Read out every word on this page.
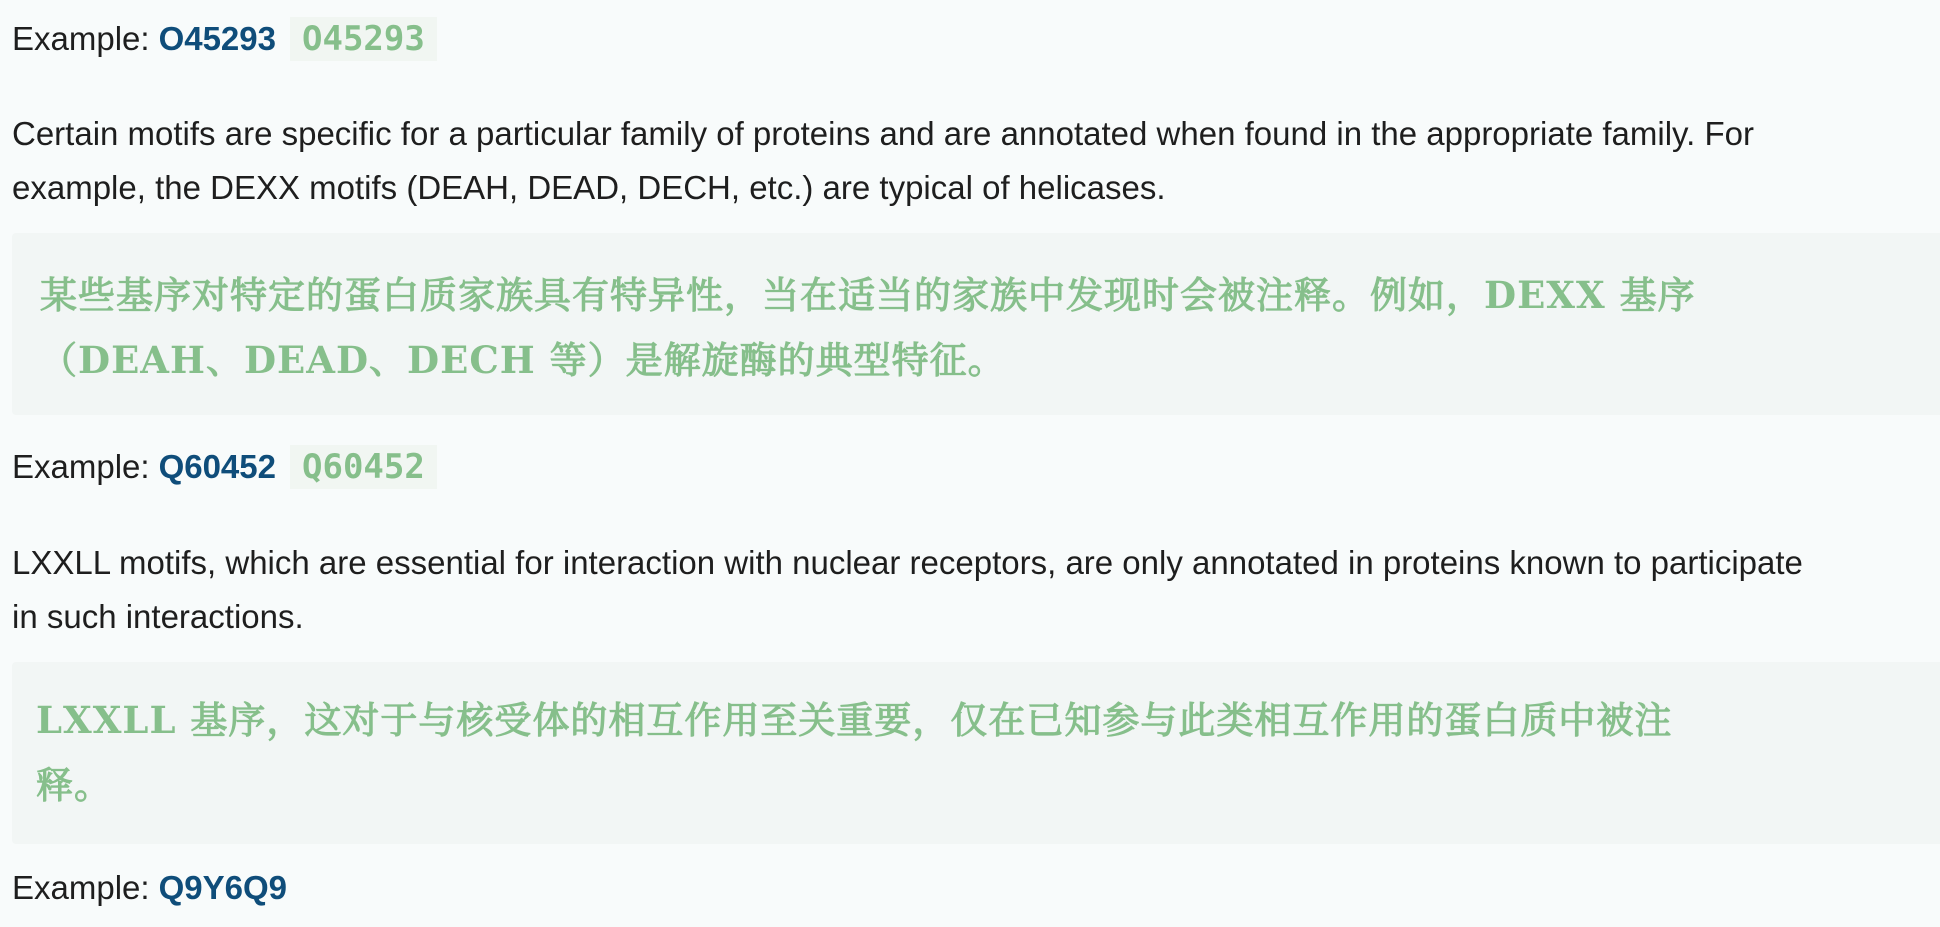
Example: O45293 O45293
Certain motifs are specific for a particular family of proteins and are annotated when found in the appropriate family. For
example, the DEXX motifs (DEAH, DEAD, DECH, etc.) are typical of helicases.
某些基序对特定的蛋白质家族具有特异性，当在适当的家族中发现时会被注释。例如，DEXX 基序
（DEAH、DEAD、DECH 等）是解旋酶的典型特征。
Example: Q60452 Q60452
LXXLL motifs, which are essential for interaction with nuclear receptors, are only annotated in proteins known to participate
in such interactions.
LXXLL 基序，这对于与核受体的相互作用至关重要，仅在已知参与此类相互作用的蛋白质中被注
释。
Example: Q9Y6Q9
